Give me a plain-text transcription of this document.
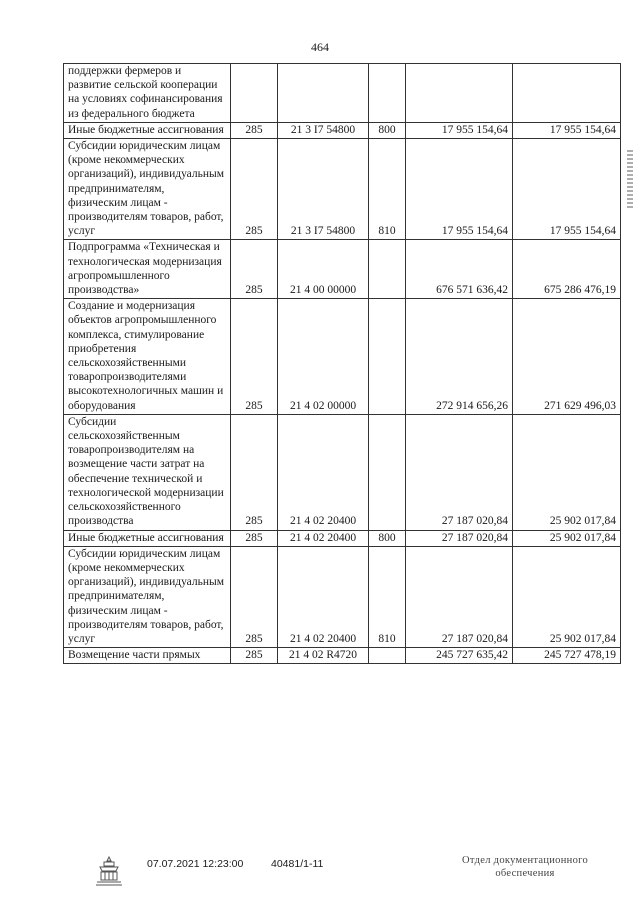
464
поддержки фермеров и развитие сельской кооперации на условиях софинансирования из федерального бюджета					
Иные бюджетные ассигнования	285	21 3 I7 54800	800	17 955 154,64	17 955 154,64
Субсидии юридическим лицам (кроме некоммерческих организаций), индивидуальным предпринимателям, физическим лицам - производителям товаров, работ, услуг	285	21 3 I7 54800	810	17 955 154,64	17 955 154,64
Подпрограмма «Техническая и технологическая модернизация агропромышленного производства»	285	21 4 00 00000		676 571 636,42	675 286 476,19
Создание и модернизация объектов агропромышленного комплекса, стимулирование приобретения сельскохозяйственными товаропроизводителями высокотехнологичных машин и оборудования	285	21 4 02 00000		272 914 656,26	271 629 496,03
Субсидии сельскохозяйственным товаропроизводителям на возмещение части затрат на обеспечение технической и технологической модернизации сельскохозяйственного производства	285	21 4 02 20400		27 187 020,84	25 902 017,84
Иные бюджетные ассигнования	285	21 4 02 20400	800	27 187 020,84	25 902 017,84
Субсидии юридическим лицам (кроме некоммерческих организаций), индивидуальным предпринимателям, физическим лицам - производителям товаров, работ, услуг	285	21 4 02 20400	810	27 187 020,84	25 902 017,84
Возмещение части прямых	285	21 4 02 R4720		245 727 635,42	245 727 478,19
07.07.2021 12:23:00	40481/1-11	Отдел документационного
обеспечения
